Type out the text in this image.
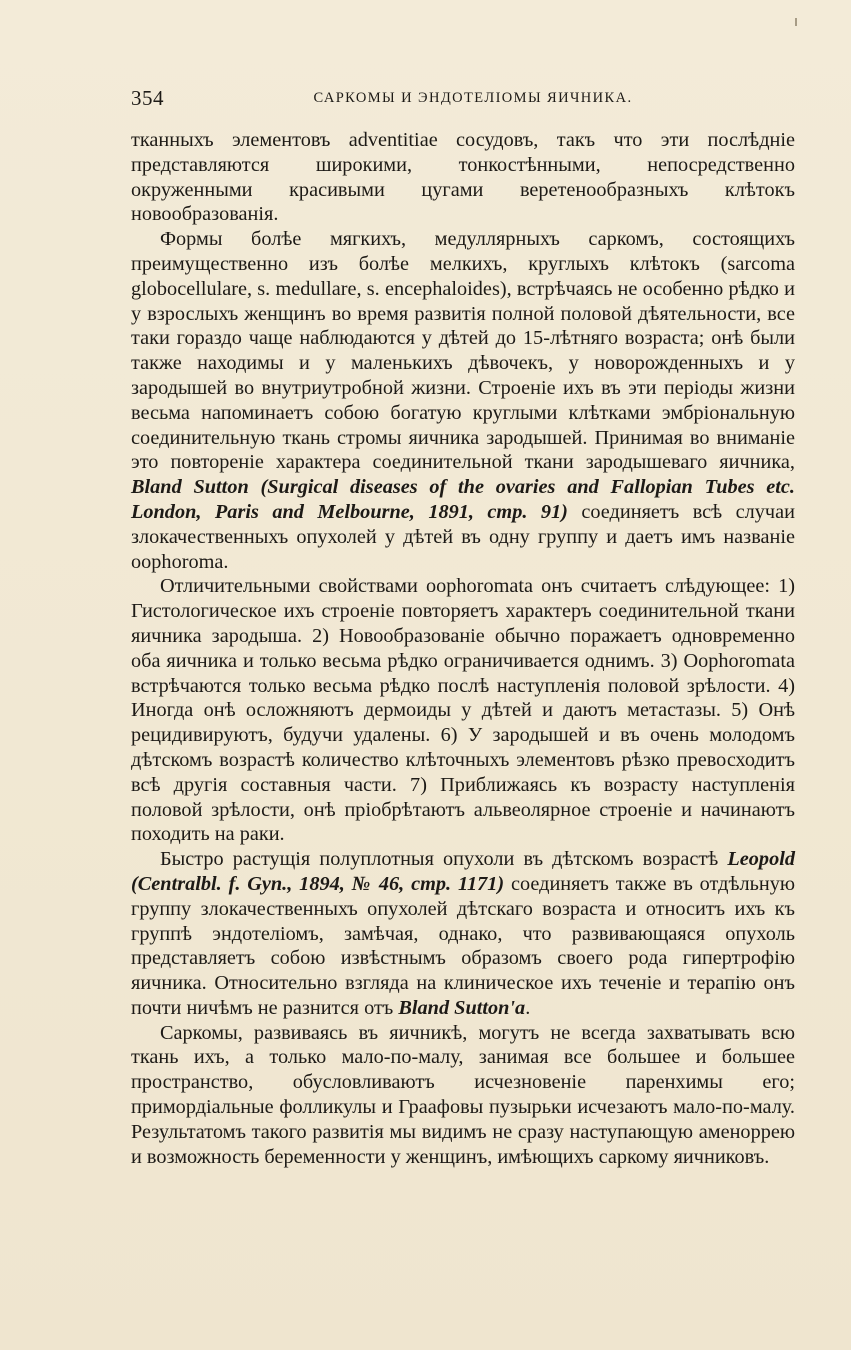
354	САРКОМЫ И ЭНДОТЕЛІОМЫ ЯИЧНИКА.

тканныхъ элементовъ adventitiae сосудовъ, такъ что эти послѣдніе представляются широкими, тонкостѣнными, непосредственно окруженными красивыми цугами веретенообразныхъ клѣтокъ новообразованія.

Формы болѣе мягкихъ, медуллярныхъ саркомъ, состоящихъ преимущественно изъ болѣе мелкихъ, круглыхъ клѣтокъ (sarcoma globocellulare, s. medullare, s. encephaloides), встрѣчаясь не особенно рѣдко и у взрослыхъ женщинъ во время развитія полной половой дѣятельности, все таки гораздо чаще наблюдаются у дѣтей до 15-лѣтняго возраста; онѣ были также находимы и у маленькихъ дѣвочекъ, у новорожденныхъ и у зародышей во внутриутробной жизни. Строеніе ихъ въ эти періоды жизни весьма напоминаетъ собою богатую круглыми клѣтками эмбріональную соединительную ткань стромы яичника зародышей. Принимая во вниманіе это повтореніе характера соединительной ткани зародышеваго яичника, Bland Sutton (Surgical diseases of the ovaries and Fallopian Tubes etc. London, Paris and Melbourne, 1891, стр. 91) соединяетъ всѣ случаи злокачественныхъ опухолей у дѣтей въ одну группу и даетъ имъ названіе oophoroma.

Отличительными свойствами oophoromata онъ считаетъ слѣдующее: 1) Гистологическое ихъ строеніе повторяетъ характеръ соединительной ткани яичника зародыша. 2) Новообразованіе обычно поражаетъ одновременно оба яичника и только весьма рѣдко ограничивается однимъ. 3) Oophoromata встрѣчаются только весьма рѣдко послѣ наступленія половой зрѣлости. 4) Иногда онѣ осложняютъ дермоиды у дѣтей и даютъ метастазы. 5) Онѣ рецидивируютъ, будучи удалены. 6) У зародышей и въ очень молодомъ дѣтскомъ возрастѣ количество клѣточныхъ элементовъ рѣзко превосходитъ всѣ другія составныя части. 7) Приближаясь къ возрасту наступленія половой зрѣлости, онѣ пріобрѣтаютъ альвеолярное строеніе и начинаютъ походить на раки.

Быстро растущія полуплотныя опухоли въ дѣтскомъ возрастѣ Leopold (Centralbl. f. Gyn., 1894, № 46, стр. 1171) соединяетъ также въ отдѣльную группу злокачественныхъ опухолей дѣтскаго возраста и относитъ ихъ къ группѣ эндотеліомъ, замѣчая, однако, что развивающаяся опухоль представляетъ собою извѣстнымъ образомъ своего рода гипертрофію яичника. Относительно взгляда на клиническое ихъ теченіе и терапію онъ почти ничѣмъ не разнится отъ Bland Sutton'a.

Саркомы, развиваясь въ яичникѣ, могутъ не всегда захватывать всю ткань ихъ, а только мало-по-малу, занимая все большее и большее пространство, обусловливаютъ исчезновеніе паренхимы его; примордіальные фолликулы и Граафовы пузырьки исчезаютъ мало-по-малу. Результатомъ такого развитія мы видимъ не сразу наступающую аменоррею и возможность беременности у женщинъ, имѣющихъ саркому яичниковъ.
